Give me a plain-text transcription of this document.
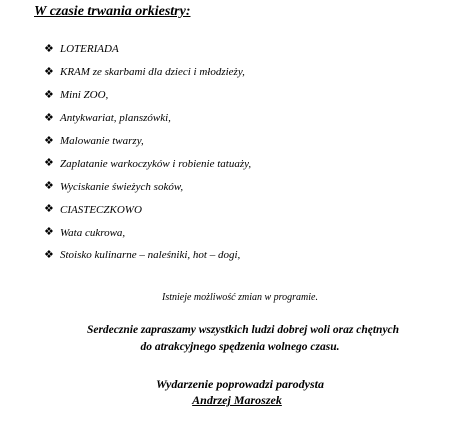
W czasie trwania orkiestry:
❖ LOTERIADA
❖ KRAM ze skarbami dla dzieci i młodzieży,
❖ Mini ZOO,
❖ Antykwariat, planszówki,
❖ Malowanie twarzy,
❖ Zaplatanie warkoczyków i robienie tatuaży,
❖ Wyciskanie świeżych soków,
❖ CIASTECZKOWO
❖ Wata cukrowa,
❖ Stoisko kulinarne – naleśniki, hot – dogi,
Istnieje możliwość zmian w programie.
Serdecznie zapraszamy wszystkich ludzi dobrej woli oraz chętnych
do atrakcyjnego spędzenia wolnego czasu.
Wydarzenie poprowadzi parodysta
Andrzej Maroszek
